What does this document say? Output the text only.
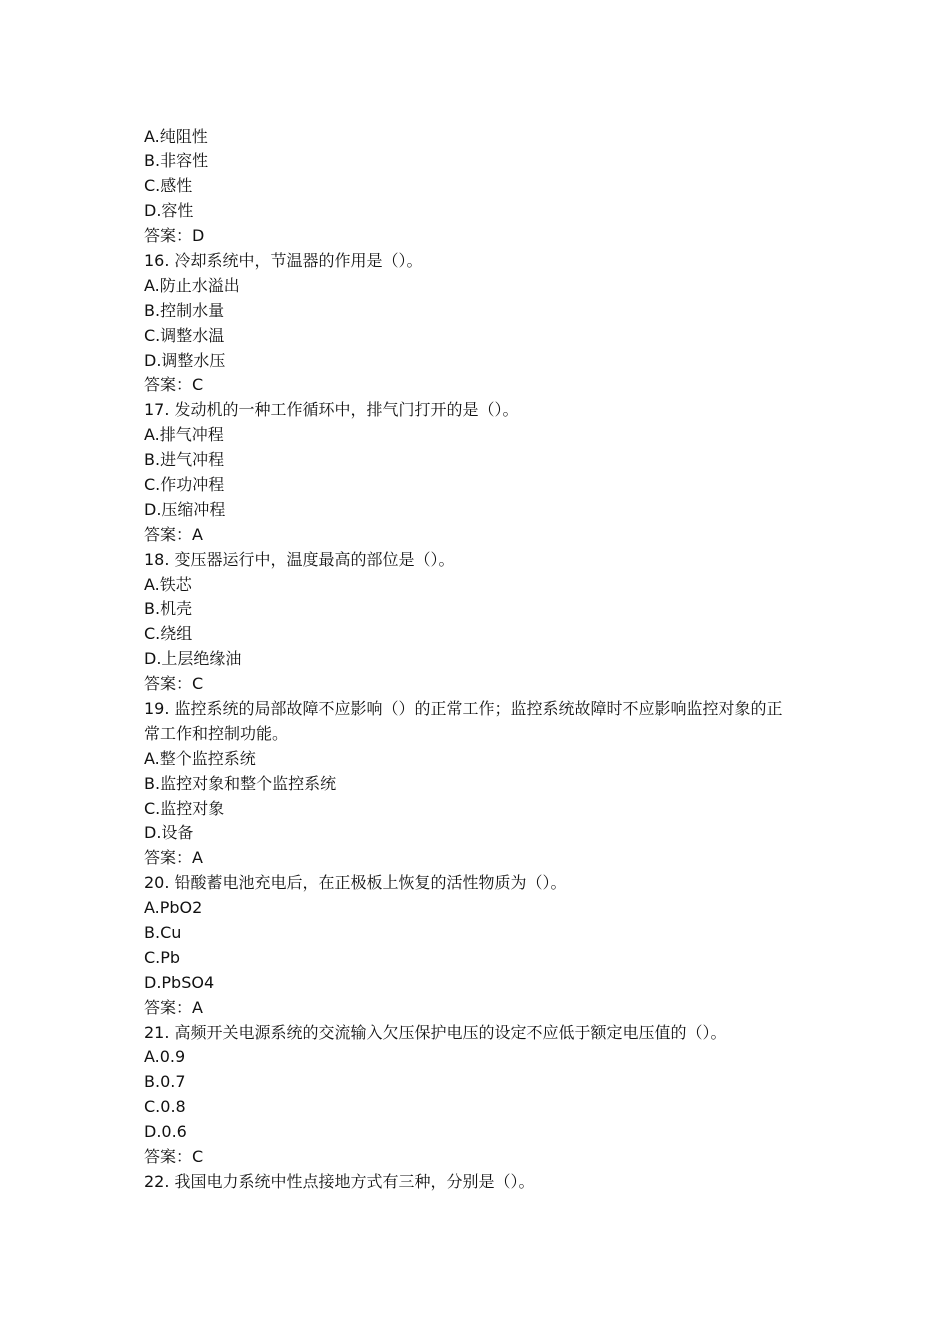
A.纯阻性
B.非容性
C.感性
D.容性
答案：D
16. 冷却系统中，节温器的作用是（）。
A.防止水溢出
B.控制水量
C.调整水温
D.调整水压
答案：C
17. 发动机的一种工作循环中，排气门打开的是（）。
A.排气冲程
B.进气冲程
C.作功冲程
D.压缩冲程
答案：A
18. 变压器运行中，温度最高的部位是（）。
A.铁芯
B.机壳
C.绕组
D.上层绝缘油
答案：C
19. 监控系统的局部故障不应影响（）的正常工作；监控系统故障时不应影响监控对象的正
常工作和控制功能。
A.整个监控系统
B.监控对象和整个监控系统
C.监控对象
D.设备
答案：A
20. 铅酸蓄电池充电后，在正极板上恢复的活性物质为（）。
A.PbO2
B.Cu
C.Pb
D.PbSO4
答案：A
21. 高频开关电源系统的交流输入欠压保护电压的设定不应低于额定电压值的（）。
A.0.9
B.0.7
C.0.8
D.0.6
答案：C
22. 我国电力系统中性点接地方式有三种，分别是（）。
